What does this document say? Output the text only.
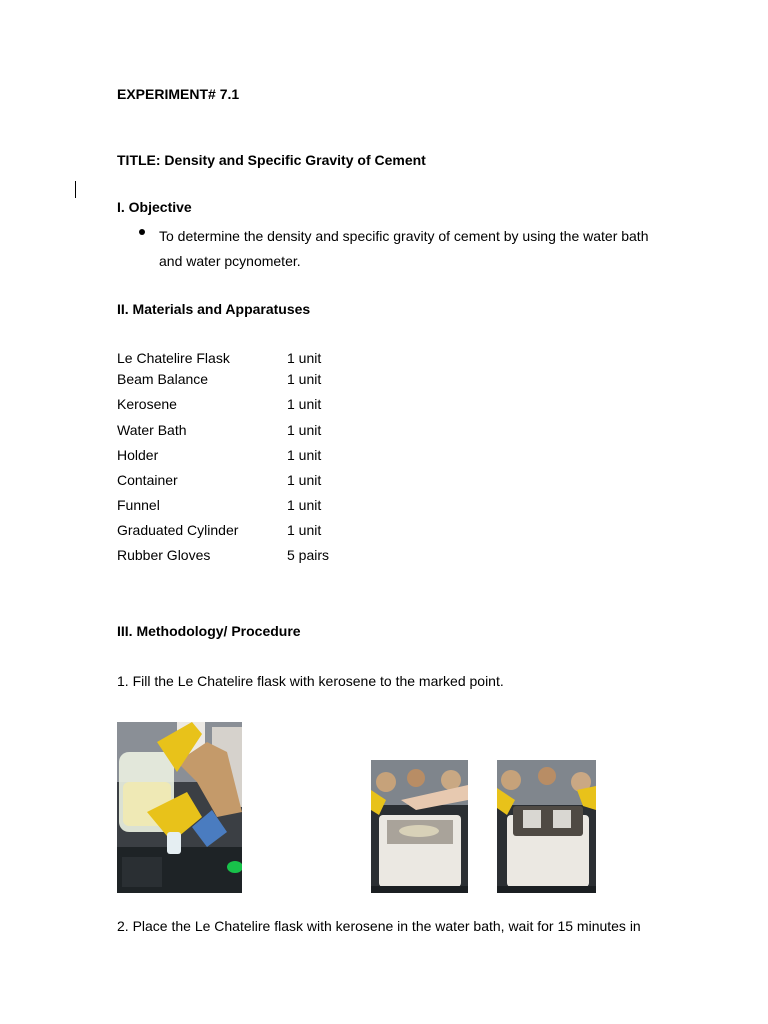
EXPERIMENT# 7.1
TITLE: Density and Specific Gravity of Cement
I. Objective
To determine the density and specific gravity of cement by using the water bath and water pcynometer.
II. Materials and Apparatuses
Le Chatelire Flask	1 unit
Beam Balance	1 unit
Kerosene	1 unit
Water Bath	1 unit
Holder	1 unit
Container	1 unit
Funnel	1 unit
Graduated Cylinder	1 unit
Rubber Gloves	5 pairs
III. Methodology/ Procedure
1. Fill the Le Chatelire flask with kerosene to the marked point.
2. Place the Le Chatelire flask with kerosene in the water bath, wait for 15 minutes in
